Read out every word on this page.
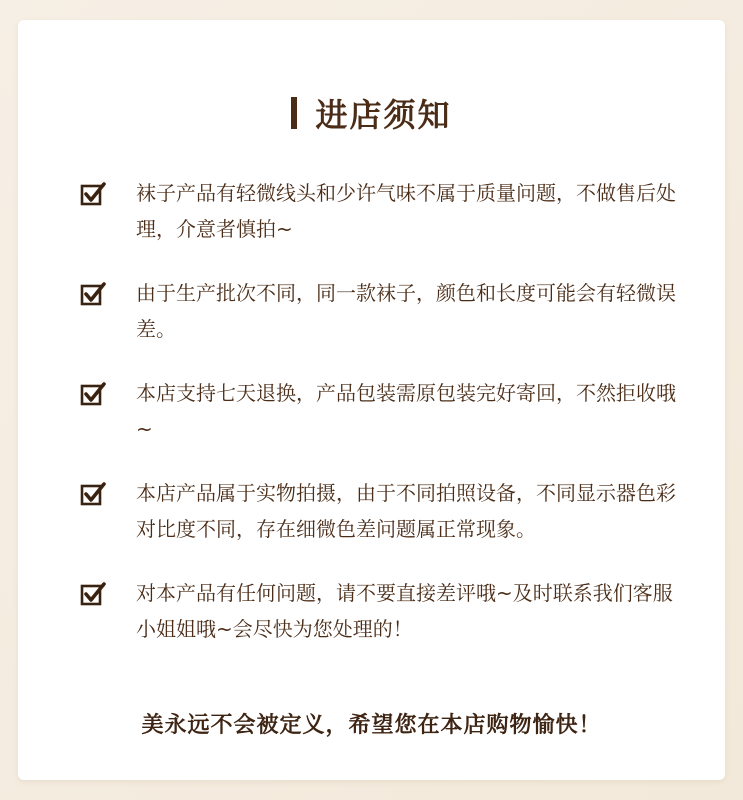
进店须知
袜子产品有轻微线头和少许气味不属于质量问题，不做售后处理，介意者慎拍~
由于生产批次不同，同一款袜子，颜色和长度可能会有轻微误差。
本店支持七天退换，产品包装需原包装完好寄回，不然拒收哦~
本店产品属于实物拍摄，由于不同拍照设备，不同显示器色彩对比度不同，存在细微色差问题属正常现象。
对本产品有任何问题，请不要直接差评哦~及时联系我们客服小姐姐哦~会尽快为您处理的！
美永远不会被定义，希望您在本店购物愉快！
